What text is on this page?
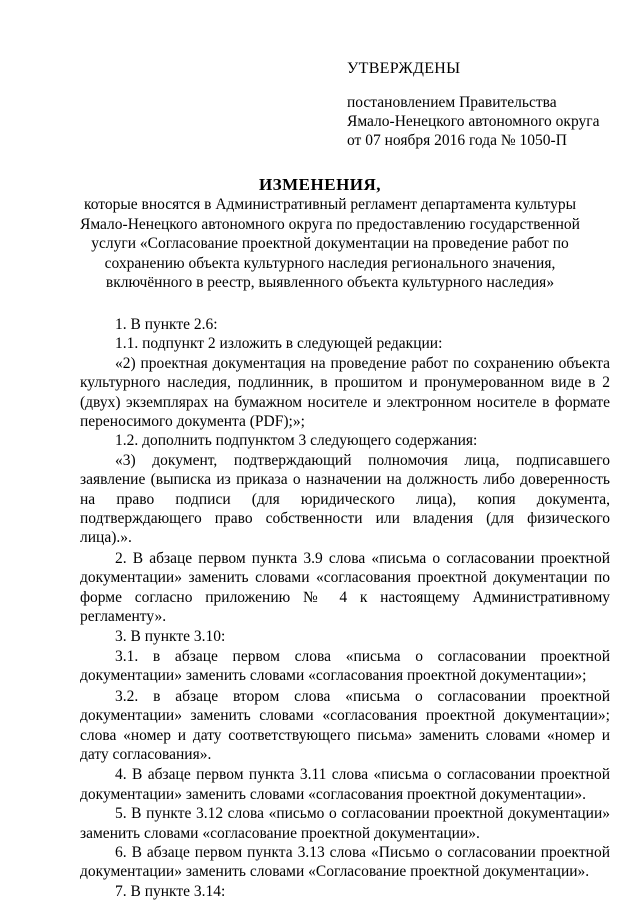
УТВЕРЖДЕНЫ
постановлением Правительства
Ямало-Ненецкого автономного округа
от 07 ноября 2016 года № 1050-П
ИЗМЕНЕНИЯ,
которые вносятся в Административный регламент департамента культуры
Ямало-Ненецкого автономного округа по предоставлению государственной
услуги «Согласование проектной документации на проведение работ по
сохранению объекта культурного наследия регионального значения,
включённого в реестр, выявленного объекта культурного наследия»

1. В пункте 2.6:

1.1. подпункт 2 изложить в следующей редакции:

«2) проектная документация на проведение работ по сохранению объекта культурного наследия, подлинник, в прошитом и пронумерованном виде в 2 (двух) экземплярах на бумажном носителе и электронном носителе в формате переносимого документа (PDF);»;

1.2. дополнить подпунктом 3 следующего содержания:

«3) документ, подтверждающий полномочия лица, подписавшего заявление (выписка из приказа о назначении на должность либо доверенность на право подписи (для юридического лица), копия документа, подтверждающего право собственности или владения (для физического лица).».

2. В абзаце первом пункта 3.9 слова «письма о согласовании проектной документации» заменить словами «согласования проектной документации по форме согласно приложению № 4 к настоящему Административному регламенту».

3. В пункте 3.10:

3.1. в абзаце первом слова «письма о согласовании проектной документации» заменить словами «согласования проектной документации»;

3.2. в абзаце втором слова «письма о согласовании проектной документации» заменить словами «согласования проектной документации»; слова «номер и дату соответствующего письма» заменить словами «номер и дату согласования».

4. В абзаце первом пункта 3.11 слова «письма о согласовании проектной документации» заменить словами «согласования проектной документации».

5. В пункте 3.12 слова «письмо о согласовании проектной документации» заменить словами «согласование проектной документации».

6. В абзаце первом пункта 3.13 слова «Письмо о согласовании проектной документации» заменить словами «Согласование проектной документации».

7. В пункте 3.14:
